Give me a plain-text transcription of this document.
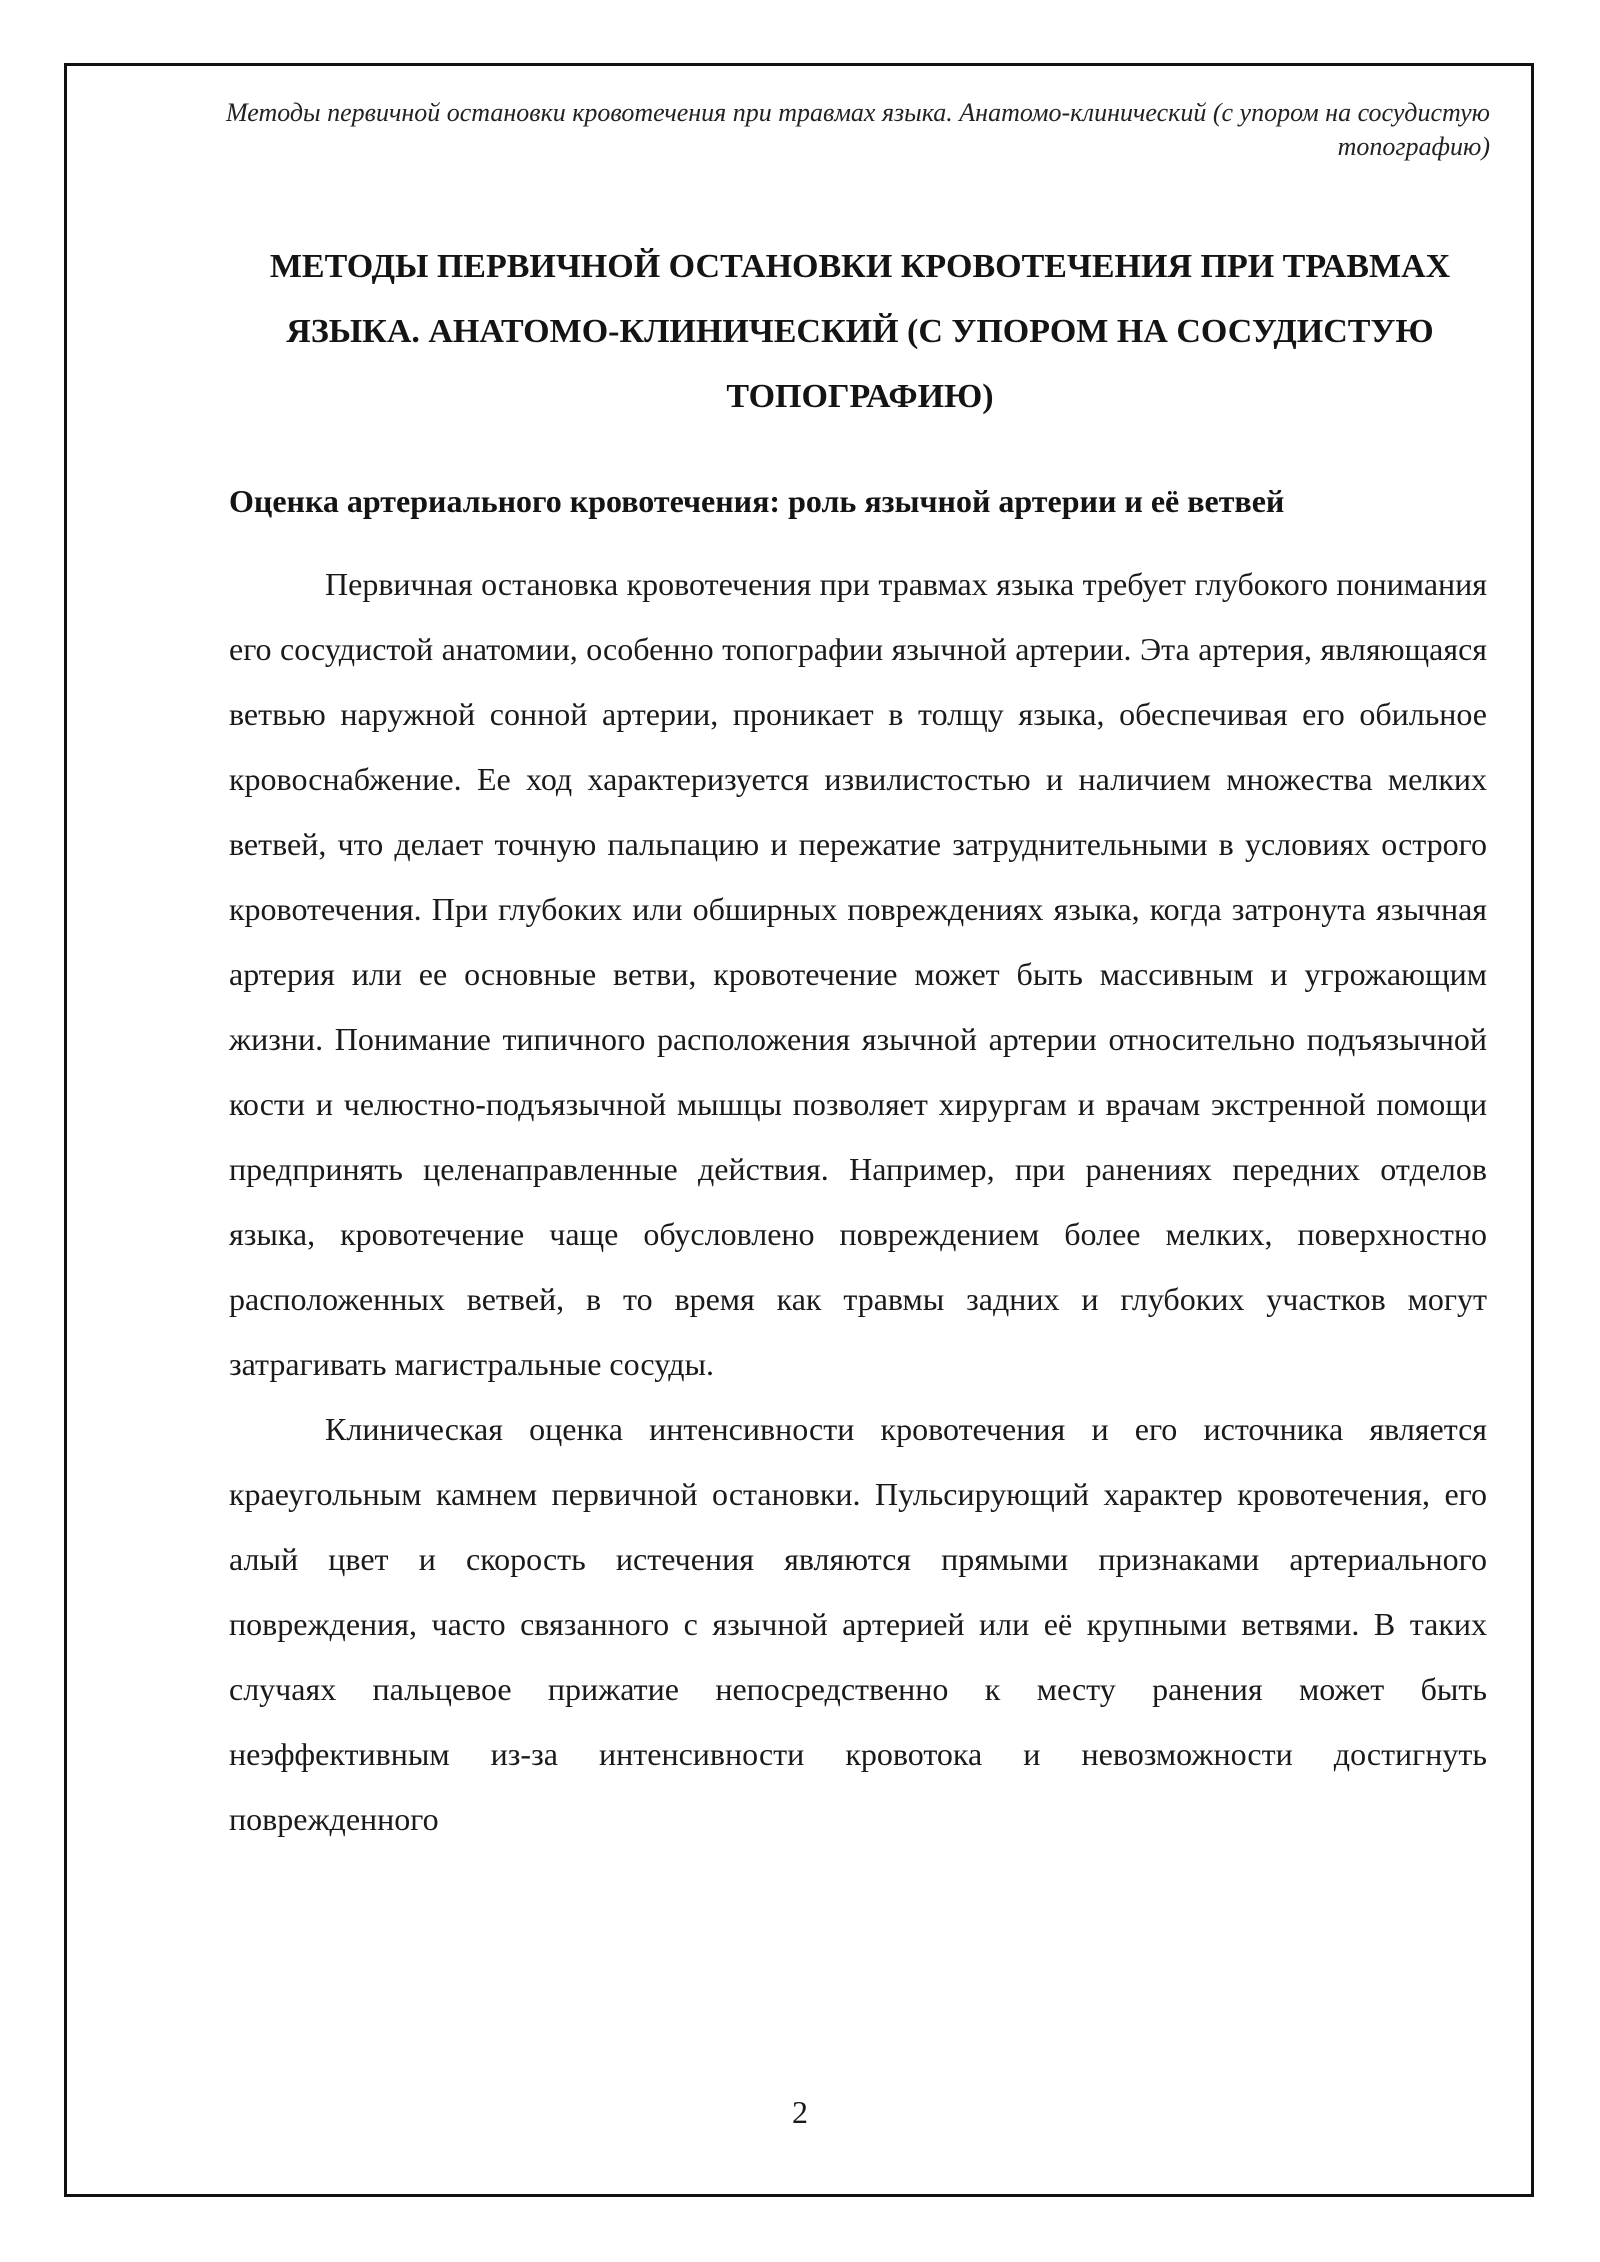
Методы первичной остановки кровотечения при травмах языка. Анатомо-клинический (с упором на сосудистую топографию)
МЕТОДЫ ПЕРВИЧНОЙ ОСТАНОВКИ КРОВОТЕЧЕНИЯ ПРИ ТРАВМАХ ЯЗЫКА. АНАТОМО-КЛИНИЧЕСКИЙ (С УПОРОМ НА СОСУДИСТУЮ ТОПОГРАФИЮ)
Оценка артериального кровотечения: роль язычной артерии и её ветвей

Первичная остановка кровотечения при травмах языка требует глубокого понимания его сосудистой анатомии, особенно топографии язычной артерии. Эта артерия, являющаяся ветвью наружной сонной артерии, проникает в толщу языка, обеспечивая его обильное кровоснабжение. Ее ход характеризуется извилистостью и наличием множества мелких ветвей, что делает точную пальпацию и пережатие затруднительными в условиях острого кровотечения. При глубоких или обширных повреждениях языка, когда затронута язычная артерия или ее основные ветви, кровотечение может быть массивным и угрожающим жизни. Понимание типичного расположения язычной артерии относительно подъязычной кости и челюстно-подъязычной мышцы позволяет хирургам и врачам экстренной помощи предпринять целенаправленные действия. Например, при ранениях передних отделов языка, кровотечение чаще обусловлено повреждением более мелких, поверхностно расположенных ветвей, в то время как травмы задних и глубоких участков могут затрагивать магистральные сосуды.

Клиническая оценка интенсивности кровотечения и его источника является краеугольным камнем первичной остановки. Пульсирующий характер кровотечения, его алый цвет и скорость истечения являются прямыми признаками артериального повреждения, часто связанного с язычной артерией или её крупными ветвями. В таких случаях пальцевое прижатие непосредственно к месту ранения может быть неэффективным из-за интенсивности кровотока и невозможности достигнуть поврежденного

2
